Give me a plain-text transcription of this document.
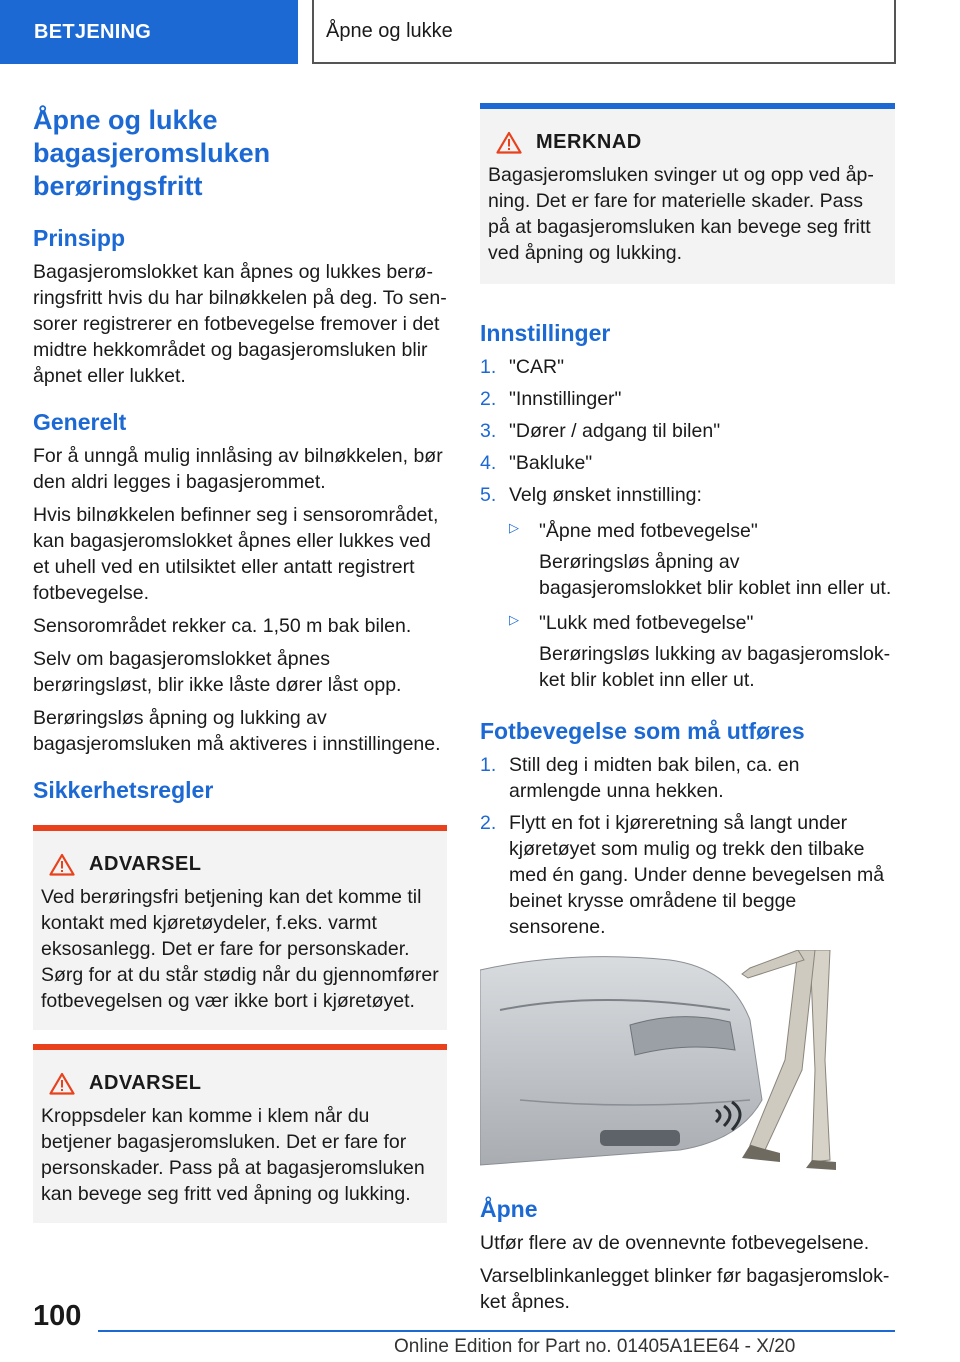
BETJENING	Åpne og lukke
Åpne og lukke bagasjeromsluken berøringsfritt
Prinsipp

Bagasjeromslokket kan åpnes og lukkes berøringsfritt hvis du har bilnøkkelen på deg. To sensorer registrerer en fotbevegelse fremover i det midtre hekkområdet og bagasjeromsluken blir åpnet eller lukket.

Generelt

For å unngå mulig innlåsing av bilnøkkelen, bør den aldri legges i bagasjerommet.

Hvis bilnøkkelen befinner seg i sensorområdet, kan bagasjeromslokket åpnes eller lukkes ved et uhell ved en utilsiktet eller antatt registrert fotbevegelse.

Sensorområdet rekker ca. 1,50 m bak bilen.

Selv om bagasjeromslokket åpnes berøringsløst, blir ikke låste dører låst opp.

Berøringsløs åpning og lukking av bagasjeromsluken må aktiveres i innstillingene.

Sikkerhetsregler
ADVARSEL

Ved berøringsfri betjening kan det komme til kontakt med kjøretøydeler, f.eks. varmt eksosanlegg. Det er fare for personskader. Sørg for at du står stødig når du gjennomfører fotbevegelsen og vær ikke bort i kjøretøyet.

ADVARSEL

Kroppsdeler kan komme i klem når du betjener bagasjeromsluken. Det er fare for personskader. Pass på at bagasjeromsluken kan bevege seg fritt ved åpning og lukking.

MERKNAD

Bagasjeromsluken svinger ut og opp ved åpning. Det er fare for materielle skader. Pass på at bagasjeromsluken kan bevege seg fritt ved åpning og lukking.

Innstillinger
1. "CAR"
2. "Innstillinger"
3. "Dører / adgang til bilen"
4. "Bakluke"
5. Velg ønsket innstilling:
▷	"Åpne med fotbevegelse"

Berøringsløs åpning av bagasjeromslokket blir koblet inn eller ut.

▷	"Lukk med fotbevegelse"

Berøringsløs lukking av bagasjeromslokket blir koblet inn eller ut.

Fotbevegelse som må utføres
1. Still deg i midten bak bilen, ca. en armlengde unna hekken.
2. Flytt en fot i kjøreretning så langt under kjøretøyet som mulig og trekk den tilbake med én gang. Under denne bevegelsen må beinet krysse områdene til begge sensorene.
Åpne

Utfør flere av de ovennevnte fotbevegelsene.

Varselblinkanlegget blinker før bagasjeromslokket åpnes.

100
Online Edition for Part no. 01405A1EE64 - X/20
